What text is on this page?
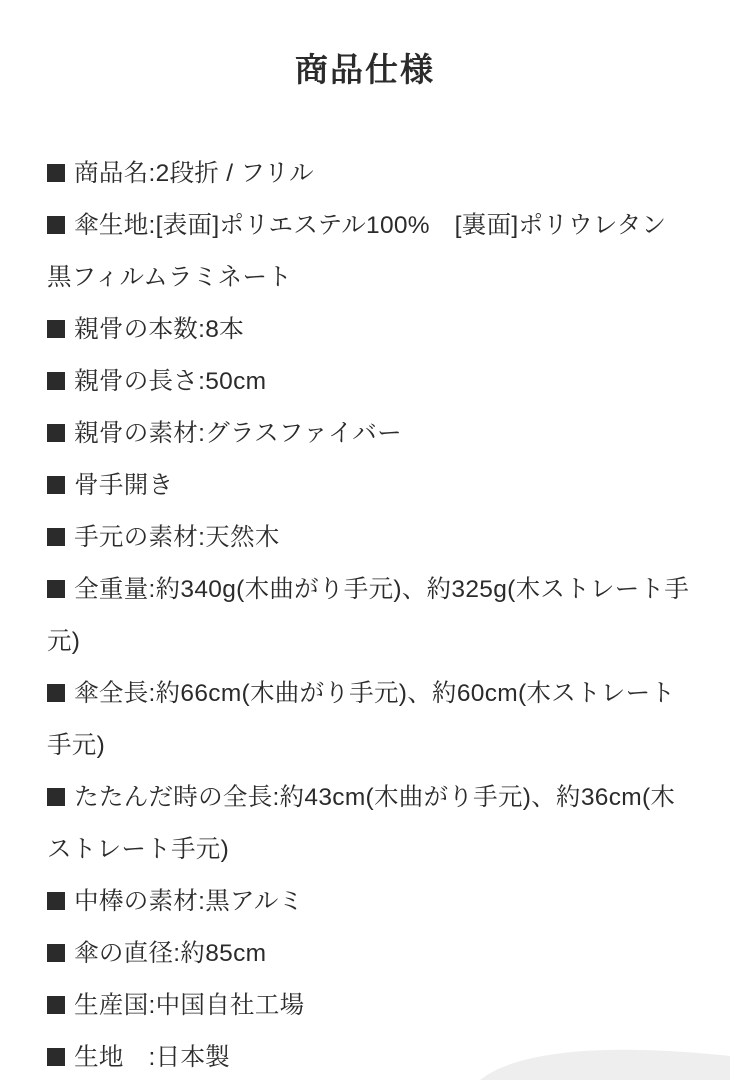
商品仕様
商品名:2段折 / フリル
傘生地:[表面]ポリエステル100%　[裏面]ポリウレタン黒フィルムラミネート
親骨の本数:8本
親骨の長さ:50cm
親骨の素材:グラスファイバー
骨手開き
手元の素材:天然木
全重量:約340g(木曲がり手元)、約325g(木ストレート手元)
傘全長:約66cm(木曲がり手元)、約60cm(木ストレート手元)
たたんだ時の全長:約43cm(木曲がり手元)、約36cm(木ストレート手元)
中棒の素材:黒アルミ
傘の直径:約85cm
生産国:中国自社工場
生地　:日本製
